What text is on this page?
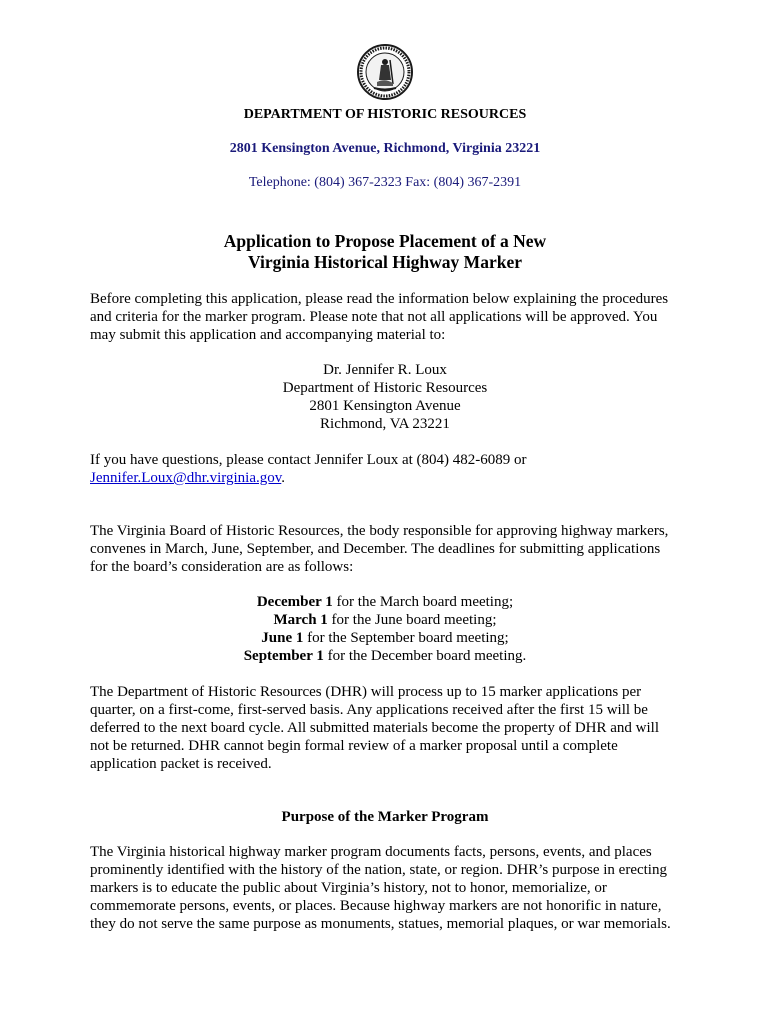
DEPARTMENT OF HISTORIC RESOURCES

2801 Kensington Avenue, Richmond, Virginia 23221

Telephone: (804) 367-2323 Fax: (804) 367-2391

Application to Propose Placement of a New

Virginia Historical Highway Marker

Before completing this application, please read the information below explaining the procedures

and criteria for the marker program. Please note that not all applications will be approved. You

may submit this application and accompanying material to:

Dr. Jennifer R. Loux

Department of Historic Resources

2801 Kensington Avenue

Richmond, VA 23221

If you have questions, please contact Jennifer Loux at (804) 482-6089 or

Jennifer.Loux@dhr.virginia.gov.

The Virginia Board of Historic Resources, the body responsible for approving highway markers,

convenes in March, June, September, and December. The deadlines for submitting applications

for the board’s consideration are as follows:

December 1 for the March board meeting;

March 1 for the June board meeting;

June 1 for the September board meeting;

September 1 for the December board meeting.

The Department of Historic Resources (DHR) will process up to 15 marker applications per

quarter, on a first-come, first-served basis. Any applications received after the first 15 will be

deferred to the next board cycle. All submitted materials become the property of DHR and will

not be returned. DHR cannot begin formal review of a marker proposal until a complete

application packet is received.

Purpose of the Marker Program

The Virginia historical highway marker program documents facts, persons, events, and places

prominently identified with the history of the nation, state, or region. DHR’s purpose in erecting

markers is to educate the public about Virginia’s history, not to honor, memorialize, or

commemorate persons, events, or places. Because highway markers are not honorific in nature,

they do not serve the same purpose as monuments, statues, memorial plaques, or war memorials.
